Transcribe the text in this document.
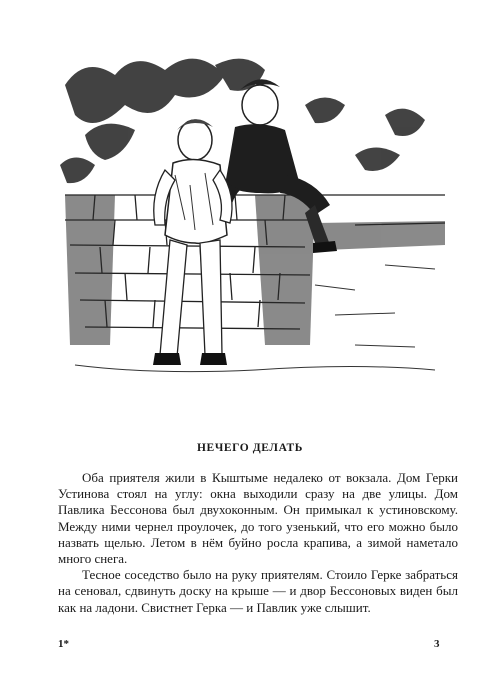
НЕЧЕГО ДЕЛАТЬ

Оба приятеля жили в Кыштыме недалеко от вокзала. Дом Герки Устинова стоял на углу: окна выходили сразу на две улицы. Дом Павлика Бессонова был двухоконным. Он примыкал к устиновскому. Между ними чернел проулочек, до того узенький, что его можно было назвать щелью. Летом в нём буйно росла крапива, а зимой наметало много снега.

Тесное соседство было на руку приятелям. Стоило Герке забраться на сеновал, сдвинуть доску на крыше — и двор Бессоновых виден был как на ладони. Свистнет Герка — и Павлик уже слышит.

1*	3
